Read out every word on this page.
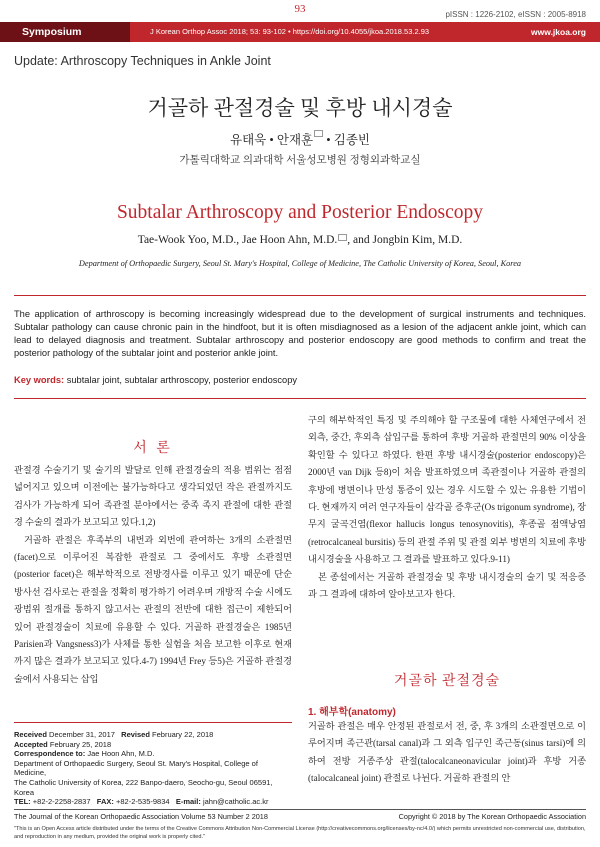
93	pISSN : 1226-2102, eISSN : 2005-8918
Symposium	J Korean Orthop Assoc 2018; 53: 93-102 • https://doi.org/10.4055/jkoa.2018.53.2.93	www.jkoa.org
Update: Arthroscopy Techniques in Ankle Joint
거골하 관절경술 및 후방 내시경술
유태욱 • 안재훈 • 김종빈
가톨릭대학교 의과대학 서울성모병원 정형외과학교실
Subtalar Arthroscopy and Posterior Endoscopy
Tae-Wook Yoo, M.D., Jae Hoon Ahn, M.D. , and Jongbin Kim, M.D.
Department of Orthopaedic Surgery, Seoul St. Mary's Hospital, College of Medicine, The Catholic University of Korea, Seoul, Korea
The application of arthroscopy is becoming increasingly widespread due to the development of surgical instruments and techniques. Subtalar pathology can cause chronic pain in the hindfoot, but it is often misdiagnosed as a lesion of the adjacent ankle joint, which can lead to delayed diagnosis and treatment. Subtalar arthroscopy and posterior endoscopy are good methods to confirm and treat the posterior pathology of the subtalar joint and posterior ankle joint.
Key words: subtalar joint, subtalar arthroscopy, posterior endoscopy
서 론

관절경 수술기기 및 술기의 발달로 인해 관절경술의 적용 범위는 점점 넓어지고 있으며 이전에는 불가능하다고 생각되었던 작은 관절까지도 검사가 가능하게 되어 족관절 분야에서는 중족 족지 관절에 대한 관절경 수술의 결과가 보고되고 있다.1,2)

거골하 관절은 후족부의 내번과 외번에 관여하는 3개의 소관절면(facet)으로 이루어진 복잡한 관절로 그 중에서도 후방 소관절면(posterior facet)은 해부학적으로 전방경사를 이루고 있기 때문에 단순 방사선 검사로는 관절을 정확히 평가하기 어려우며 개방적 수술 시에도 광범위 절개를 통하지 않고서는 관절의 전반에 대한 접근이 제한되어 있어 관절경술이 치료에 유용할 수 있다. 거골하 관절경술은 1985년 Parisien과 Vangsness3)가 사체를 통한 실험을 처음 보고한 이후로 현재까지 많은 결과가 보고되고 있다.4-7) 1994년 Frey 등5)은 거골하 관절경술에서 사용되는 삽입

Received December 31, 2017 Revised February 22, 2018
Accepted February 25, 2018
Correspondence to: Jae Hoon Ahn, M.D.
Department of Orthopaedic Surgery, Seoul St. Mary's Hospital, College of Medicine,
The Catholic University of Korea, 222 Banpo-daero, Seocho-gu, Seoul 06591, Korea
TEL: +82-2-2258-2837 FAX: +82-2-535-9834 E-mail: jahn@catholic.ac.kr

구의 해부학적인 특징 및 주의해야 할 구조물에 대한 사체연구에서 전외측, 중간, 후외측 삽입구를 통하여 후방 거골하 관절면의 90% 이상을 확인할 수 있다고 하였다. 한편 후방 내시경술(posterior endoscopy)은 2000년 van Dijk 등8)이 처음 발표하였으며 족관절이나 거골하 관절의 후방에 병변이나 만성 통증이 있는 경우 시도할 수 있는 유용한 기법이다. 현재까지 여러 연구자들이 삼각골 증후군(Os trigonum syndrome), 장무지 굴곡건염(flexor hallucis longus tenosynovitis), 후종골 점액낭염(retrocalcaneal bursitis) 등의 관절 주위 및 관절 외부 병변의 치료에 후방 내시경술을 사용하고 그 결과를 발표하고 있다.9-11)

본 종설에서는 거골하 관절경술 및 후방 내시경술의 술기 및 적응증과 그 결과에 대하여 알아보고자 한다.

거골하 관절경술
1. 해부학(anatomy)

거골하 관절은 매우 안정된 관절로서 전, 중, 후 3개의 소관절면으로 이루어지며 족근관(tarsal canal)과 그 외측 입구인 족근동(sinus tarsi)에 의하여 전방 거종주상 관절(talocalcaneonavicular joint)과 후방 거종(talocalcaneal joint) 관절로 나뉜다. 거골하 관절의 안

The Journal of the Korean Orthopaedic Association Volume 53 Number 2 2018	Copyright © 2018 by The Korean Orthopaedic Association
"This is an Open Access article distributed under the terms of the Creative Commons Attribution Non-Commercial License (http://creativecommons.org/licenses/by-nc/4.0/) which permits unrestricted non-commercial use, distribution, and reproduction in any medium, provided the original work is properly cited."
